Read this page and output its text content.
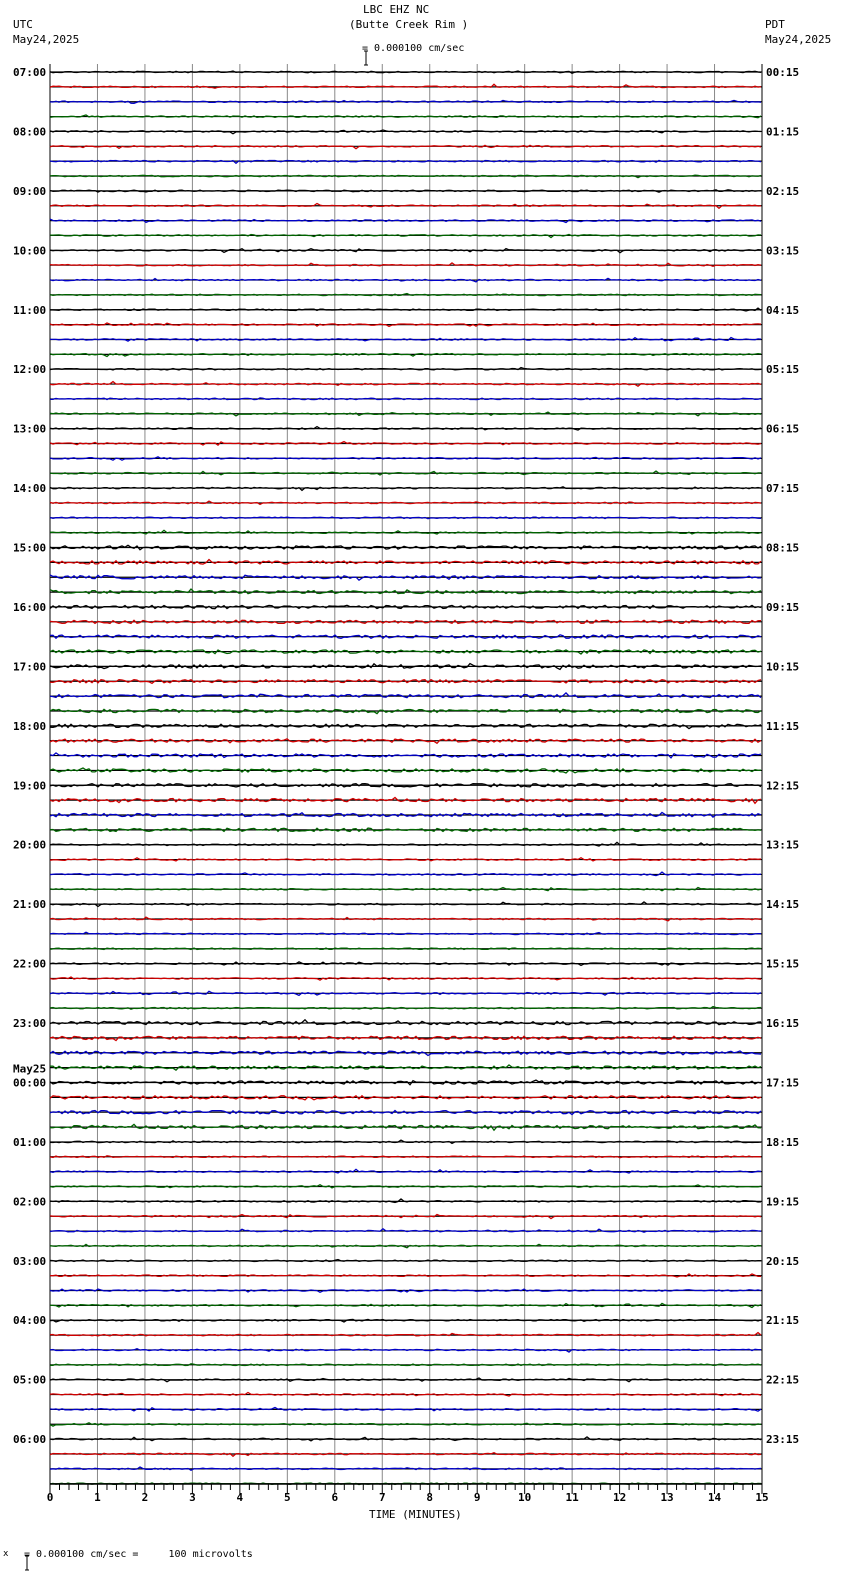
LBC EHZ NC
(Butte Creek Rim )
UTC
May24,2025
PDT
May24,2025

= 0.000100 cm/sec
07:00
08:00
09:00
10:00
11:00
12:00
13:00
14:00
15:00
16:00
17:00
18:00
19:00
20:00
21:00
22:00
23:00
00:00
May25
01:00
02:00
03:00
04:00
05:00
06:00
00:15
01:15
02:15
03:15
04:15
05:15
06:15
07:15
08:15
09:15
10:15
11:15
12:15
13:15
14:15
15:15
16:15
17:15
18:15
19:15
20:15
21:15
22:15
23:15
0	1	2	3	4	5	6	7	8	9	10	11	12	13	14	15
TIME (MINUTES)
x

= 0.000100 cm/sec =     100 microvolts
